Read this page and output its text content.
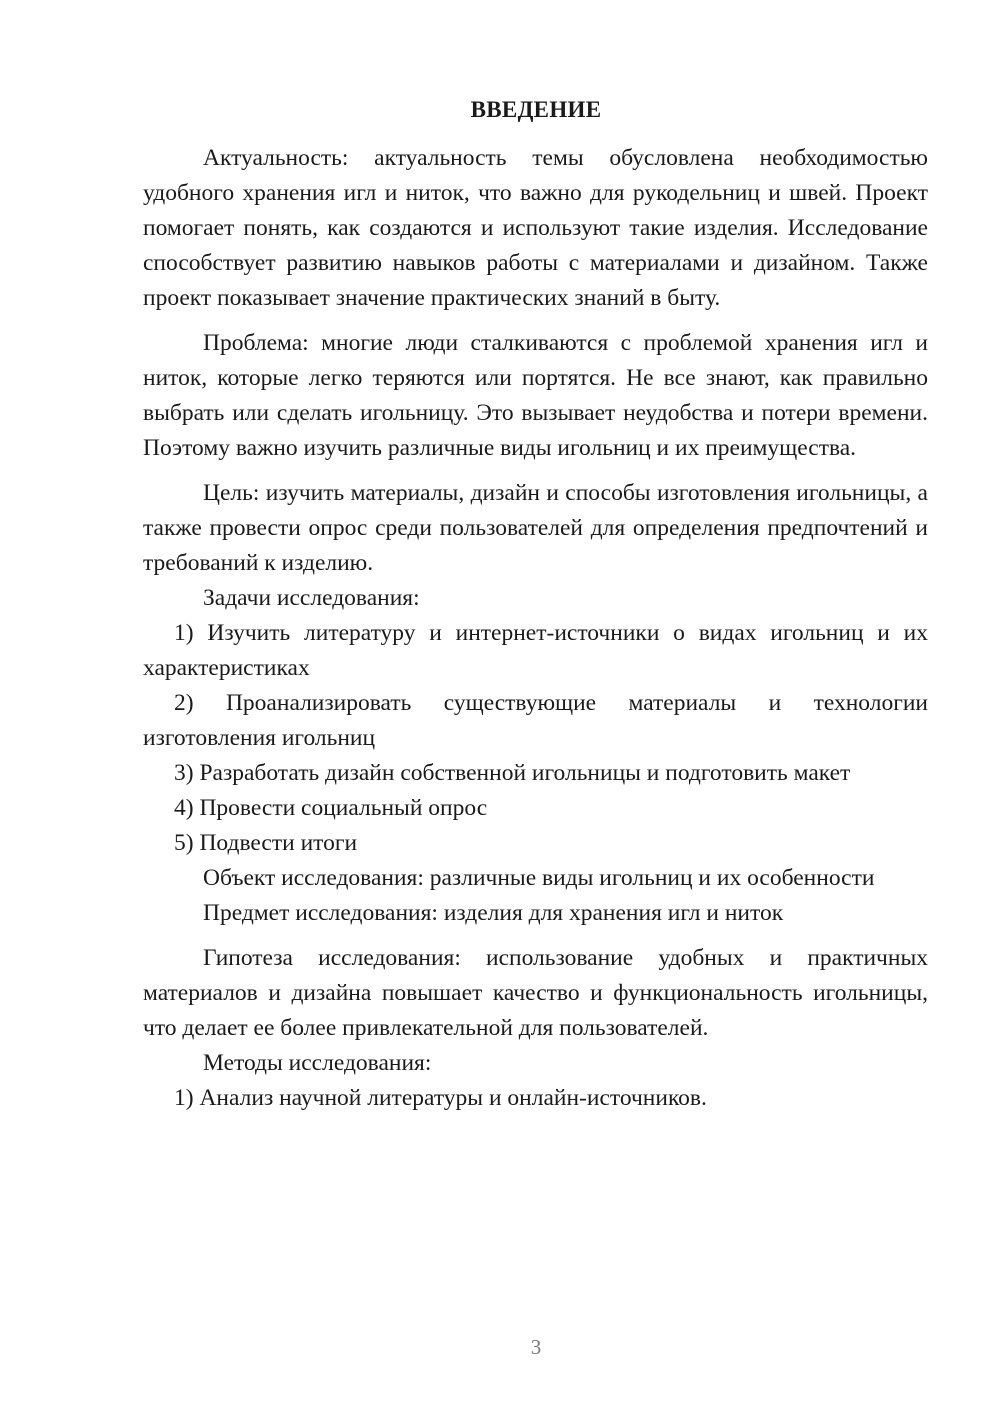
ВВЕДЕНИЕ

Актуальность: актуальность темы обусловлена необходимостью удобного хранения игл и ниток, что важно для рукодельниц и швей. Проект помогает понять, как создаются и используют такие изделия. Исследование способствует развитию навыков работы с материалами и дизайном. Также проект показывает значение практических знаний в быту.

Проблема: многие люди сталкиваются с проблемой хранения игл и ниток, которые легко теряются или портятся. Не все знают, как правильно выбрать или сделать игольницу. Это вызывает неудобства и потери времени. Поэтому важно изучить различные виды игольниц и их преимущества.

Цель: изучить материалы, дизайн и способы изготовления игольницы, а также провести опрос среди пользователей для определения предпочтений и требований к изделию.

Задачи исследования:

1) Изучить литературу и интернет-источники о видах игольниц и их характеристиках

2) Проанализировать существующие материалы и технологии изготовления игольниц

3) Разработать дизайн собственной игольницы и подготовить макет

4) Провести социальный опрос

5) Подвести итоги

Объект исследования: различные виды игольниц и их особенности

Предмет исследования: изделия для хранения игл и ниток

Гипотеза исследования: использование удобных и практичных материалов и дизайна повышает качество и функциональность игольницы, что делает ее более привлекательной для пользователей.

Методы исследования:

1) Анализ научной литературы и онлайн-источников.

3
